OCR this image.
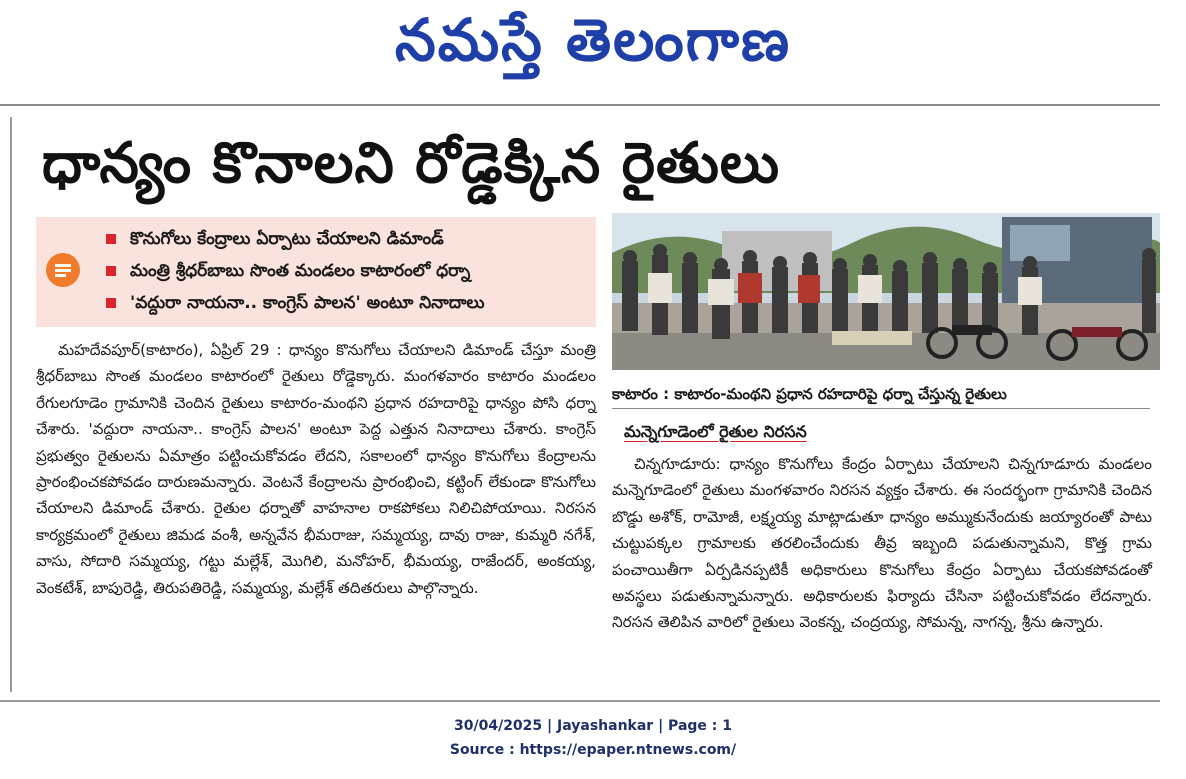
నమస్తే తెలంగాణ
ధాన్యం కొనాలని రోడ్డెక్కిన రైతులు
కొనుగోలు కేంద్రాలు ఏర్పాటు చేయాలని డిమాండ్
మంత్రి శ్రీధర్‌బాబు సొంత మండలం కాటారంలో ధర్నా
'వద్దురా నాయనా.. కాంగ్రెస్ పాలన' అంటూ నినాదాలు

మహదేవపూర్(కాటారం), ఏప్రిల్ 29 : ధాన్యం కొనుగోలు చేయాలని డిమాండ్ చేస్తూ మంత్రి శ్రీధర్‌బాబు సొంత మండలం కాటారంలో రైతులు రోడ్డెక్కారు. మంగళవారం కాటారం మండలం రేగులగూడెం గ్రామానికి చెందిన రైతులు కాటారం-మంథని ప్రధాన రహదారిపై ధాన్యం పోసి ధర్నా చేశారు. 'వద్దురా నాయనా.. కాంగ్రెస్ పాలన' అంటూ పెద్ద ఎత్తున నినాదాలు చేశారు. కాంగ్రెస్ ప్రభుత్వం రైతులను ఏమాత్రం పట్టించుకోవడం లేదని, సకాలంలో ధాన్యం కొనుగోలు కేంద్రాలను ప్రారంభించకపోవడం దారుణమన్నారు. వెంటనే కేంద్రాలను ప్రారంభించి, కట్టింగ్ లేకుండా కొనుగోలు చేయాలని డిమాండ్ చేశారు. రైతుల ధర్నాతో వాహనాల రాకపోకలు నిలిచిపోయాయి. నిరసన కార్యక్రమంలో రైతులు జిమడ వంశీ, అన్నవేన భీమరాజు, సమ్మయ్య, దావు రాజు, కుమ్మరి నగేశ్, వాసు, సోదారి సమ్మయ్య, గట్టు మల్లేశ్, మొగిలి, మనోహర్, భీమయ్య, రాజేందర్, అంకయ్య, వెంకటేశ్, బాపురెడ్డి, తిరుపతిరెడ్డి, సమ్మయ్య, మల్లేశ్ తదితరులు పాల్గొన్నారు.

కాటారం : కాటారం-మంథని ప్రధాన రహదారిపై ధర్నా చేస్తున్న రైతులు
మన్నెగూడెంలో రైతుల నిరసన

చిన్నగూడూరు: ధాన్యం కొనుగోలు కేంద్రం ఏర్పాటు చేయాలని చిన్నగూడూరు మండలం మన్నెగూడెంలో రైతులు మంగళవారం నిరసన వ్యక్తం చేశారు. ఈ సందర్భంగా గ్రామానికి చెందిన బొడ్డు అశోక్, రామోజీ, లక్ష్మయ్య మాట్లాడుతూ ధాన్యం అమ్ముకునేందుకు జయ్యారంతో పాటు చుట్టుపక్కల గ్రామాలకు తరలించేందుకు తీవ్ర ఇబ్బంది పడుతున్నామని, కొత్త గ్రామ పంచాయితీగా ఏర్పడినప్పటికీ అధికారులు కొనుగోలు కేంద్రం ఏర్పాటు చేయకపోవడంతో అవస్థలు పడుతున్నామన్నారు. అధికారులకు ఫిర్యాదు చేసినా పట్టించుకోవడం లేదన్నారు. నిరసన తెలిపిన వారిలో రైతులు వెంకన్న, చంద్రయ్య, సోమన్న, నాగన్న, శ్రీను ఉన్నారు.

30/04/2025 | Jayashankar | Page : 1
Source : https://epaper.ntnews.com/
